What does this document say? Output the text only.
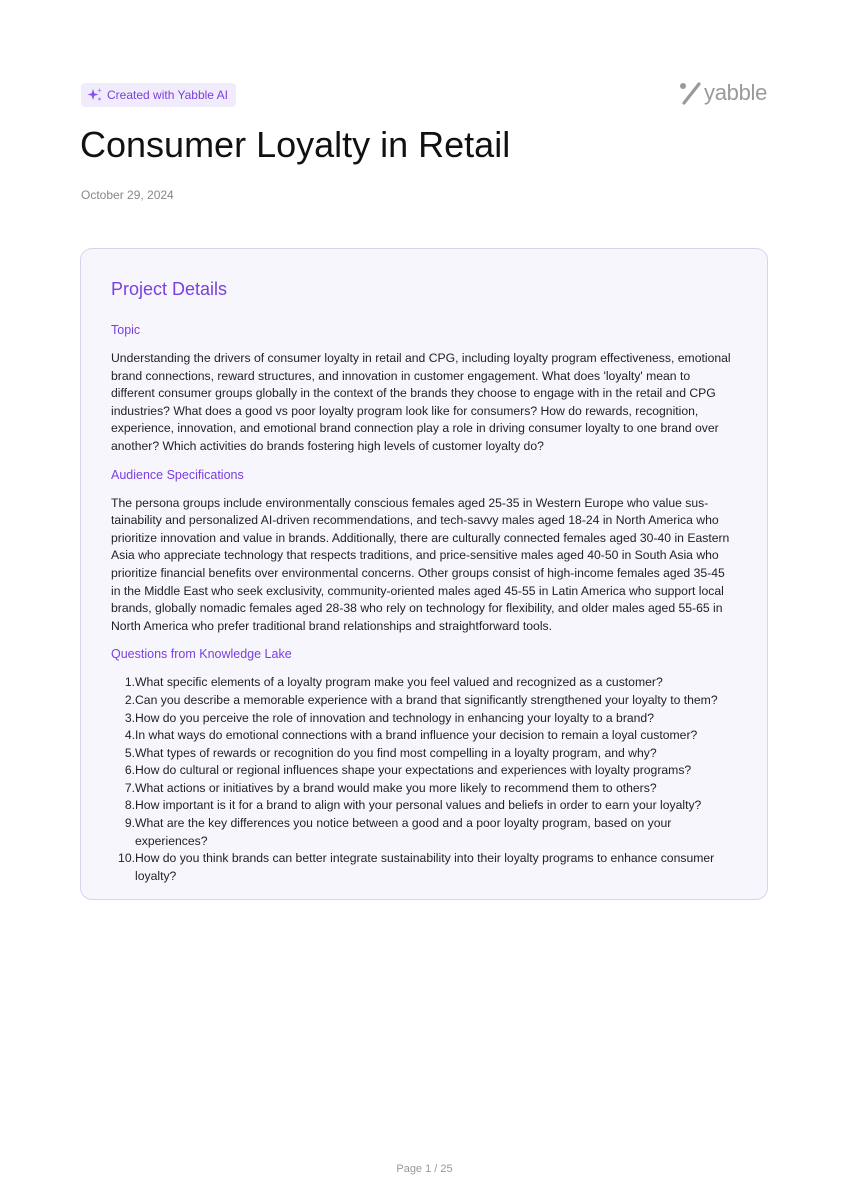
Created with Yabble AI	yabble
Consumer Loyalty in Retail
October 29, 2024
Project Details
Topic

Understanding the drivers of consumer loyalty in retail and CPG, including loyalty program effectiveness, emotional
brand connections, reward structures, and innovation in customer engagement. What does 'loyalty' mean to
different consumer groups globally in the context of the brands they choose to engage with in the retail and CPG
industries? What does a good vs poor loyalty program look like for consumers? How do rewards, recognition,
experience, innovation, and emotional brand connection play a role in driving consumer loyalty to one brand over
another? Which activities do brands fostering high levels of customer loyalty do?

Audience Specifications

The persona groups include environmentally conscious females aged 25-35 in Western Europe who value sus-
tainability and personalized AI-driven recommendations, and tech-savvy males aged 18-24 in North America who
prioritize innovation and value in brands. Additionally, there are culturally connected females aged 30-40 in Eastern
Asia who appreciate technology that respects traditions, and price-sensitive males aged 40-50 in South Asia who
prioritize financial benefits over environmental concerns. Other groups consist of high-income females aged 35-45
in the Middle East who seek exclusivity, community-oriented males aged 45-55 in Latin America who support local
brands, globally nomadic females aged 28-38 who rely on technology for flexibility, and older males aged 55-65 in
North America who prefer traditional brand relationships and straightforward tools.

Questions from Knowledge Lake
1. What specific elements of a loyalty program make you feel valued and recognized as a customer?
2. Can you describe a memorable experience with a brand that significantly strengthened your loyalty to them?
3. How do you perceive the role of innovation and technology in enhancing your loyalty to a brand?
4. In what ways do emotional connections with a brand influence your decision to remain a loyal customer?
5. What types of rewards or recognition do you find most compelling in a loyalty program, and why?
6. How do cultural or regional influences shape your expectations and experiences with loyalty programs?
7. What actions or initiatives by a brand would make you more likely to recommend them to others?
8. How important is it for a brand to align with your personal values and beliefs in order to earn your loyalty?
9. What are the key differences you notice between a good and a poor loyalty program, based on your experiences?
10. How do you think brands can better integrate sustainability into their loyalty programs to enhance consumer
loyalty?
Page 1 / 25
